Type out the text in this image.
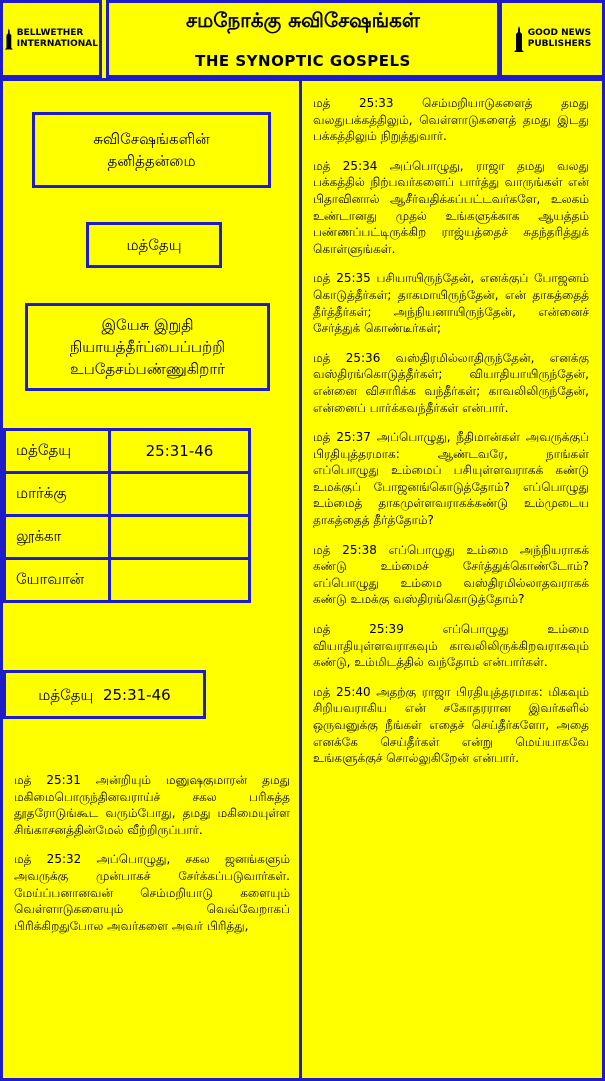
BELLWETHER
INTERNATIONAL
சமநோக்கு சுவிசேஷங்கள்
THE SYNOPTIC GOSPELS
GOOD NEWS
PUBLISHERS
சுவிசேஷங்களின்
தனித்தன்மை
மத்தேயு
இயேசு இறுதி
நியாயத்தீர்ப்பைப்பற்றி
உபதேசம்பண்ணுகிறார்
மத்தேயு	25:31-46
மார்க்கு	
லூக்கா	
யோவான்	
மத்தேயு  25:31-46

மத் 25:31 அன்றியும் மனுஷகுமாரன் தமது மகிமைபொருந்தினவராய்ச் சகல பரிசுத்த தூதரோடுங்கூட வரும்போது, தமது மகிமையுள்ள சிங்காசனத்தின்மேல் வீற்றிருப்பார்.

மத் 25:32 அப்பொழுது, சகல ஜனங்களும் அவருக்கு முன்பாகச் சேர்க்கப்படுவார்கள். மேய்ப்பனானவன் செம்மறியாடு களையும் வெள்ளாடுகளையும் வெவ்வேறாகப் பிரிக்கிறதுபோல அவர்களை அவர் பிரித்து,

மத் 25:33 செம்மறியாடுகளைத் தமது வலதுபக்கத்திலும், வெள்ளாடுகளைத் தமது இடது பக்கத்திலும் நிறுத்துவார்.

மத் 25:34 அப்பொழுது, ராஜா தமது வலது பக்கத்தில் நிற்பவர்களைப் பார்த்து வாருங்கள் என் பிதாவினால் ஆசீர்வதிக்கப்பட்டவர்களே, உலகம் உண்டானது முதல் உங்களுக்காக ஆயத்தம் பண்ணப்பட்டிருக்கிற ராஜ்யத்தைச் சுதந்தரித்துக் கொள்ளுங்கள்.

மத் 25:35 பசியாயிருந்தேன், எனக்குப் போஜனம் கொடுத்தீர்கள்; தாகமாயிருந்தேன், என் தாகத்தைத் தீர்த்தீர்கள்; அந்நியனாயிருந்தேன், என்னைச் சேர்த்துக் கொண்டீர்கள்;

மத் 25:36 வஸ்திரமில்லாதிருந்தேன், எனக்கு வஸ்திரங்கொடுத்தீர்கள்; வியாதியாயிருந்தேன், என்னை விசாரிக்க வந்தீர்கள்; காவலிலிருந்தேன், என்னைப் பார்க்கவந்தீர்கள் என்பார்.

மத் 25:37 அப்பொழுது, நீதிமான்கள் அவருக்குப் பிரதியுத்தரமாக: ஆண்டவரே, நாங்கள் எப்பொழுது உம்மைப் பசியுள்ளவராகக் கண்டு உமக்குப் போஜனங்கொடுத்தோம்? எப்பொழுது உம்மைத் தாகமுள்ளவராகக்கண்டு உம்முடைய தாகத்தைத் தீர்த்தோம்?

மத் 25:38 எப்பொழுது உம்மை அந்நியராகக் கண்டு உம்மைச் சேர்த்துக்கொண்டோம்? எப்பொழுது உம்மை வஸ்திரமில்லாதவராகக் கண்டு உமக்கு வஸ்திரங்கொடுத்தோம்?

மத் 25:39 எப்பொழுது உம்மை வியாதியுள்ளவராகவும் காவலிலிருக்கிறவராகவும் கண்டு, உம்மிடத்தில் வந்தோம் என்பார்கள்.

மத் 25:40 அதற்கு ராஜா பிரதியுத்தரமாக: மிகவும் சிறியவராகிய என் சகோதரரான இவர்களில் ஒருவனுக்கு நீங்கள் எதைச் செய்தீர்களோ, அதை எனக்கே செய்தீர்கள் என்று மெய்யாகவே உங்களுக்குச் சொல்லுகிறேன் என்பார்.
